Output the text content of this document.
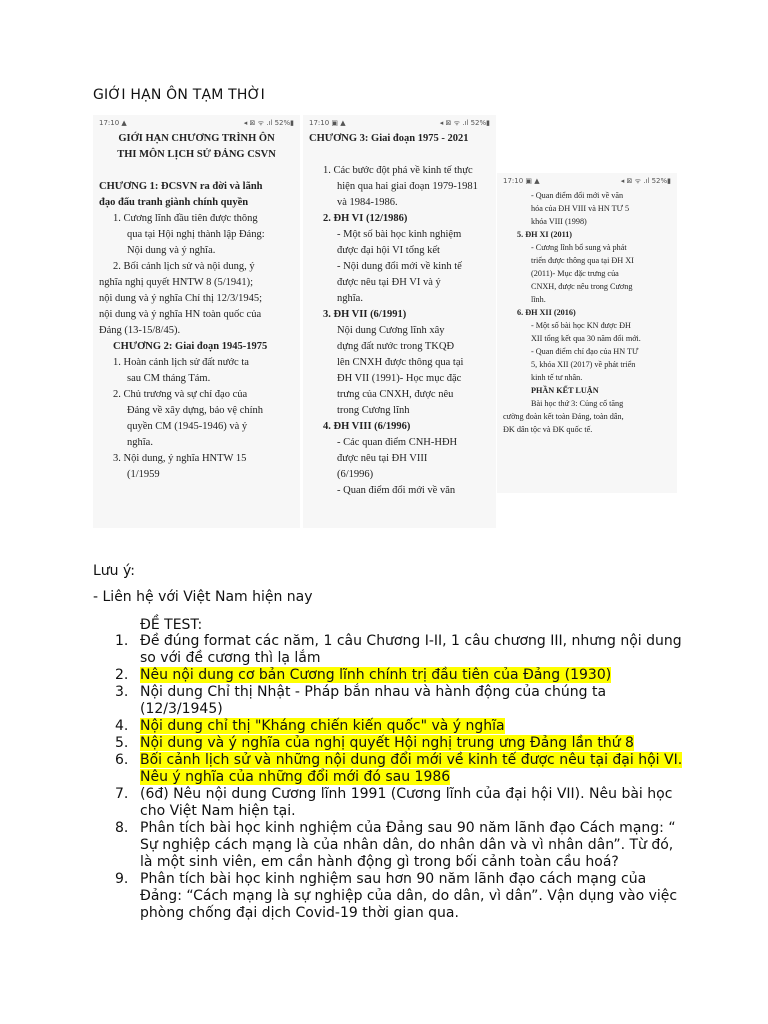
GIỚI HẠN ÔN TẠM THỜI
17:10 ▲	◂ ⊠ ᯤ .ıl 52%▮

GIỚI HẠN CHƯƠNG TRÌNH ÔN

THI MÔN LỊCH SỬ ĐẢNG CSVN

CHƯƠNG 1: ĐCSVN ra đời và lãnh

đạo đấu tranh giành chính quyền

1. Cương lĩnh đầu tiên được thông

qua tại Hội nghị thành lập Đảng:

Nội dung và ý nghĩa.

2. Bối cảnh lịch sử và nội dung, ý

nghĩa nghị quyết HNTW 8 (5/1941);

nội dung và ý nghĩa Chỉ thị 12/3/1945;

nội dung và ý nghĩa HN toàn quốc của

Đảng (13-15/8/45).

CHƯƠNG 2: Giai đoạn 1945-1975

1. Hoàn cảnh lịch sử đất nước ta

sau CM tháng Tám.

2. Chủ trương và sự chỉ đạo của

Đảng về xây dựng, bảo vệ chính

quyền CM (1945-1946) và ý

nghĩa.

3. Nội dung, ý nghĩa HNTW 15

(1/1959

17:10 ▣ ▲	◂ ⊠ ᯤ .ıl 52%▮

CHƯƠNG 3: Giai đoạn 1975 - 2021

1. Các bước đột phá về kinh tế thực

hiện qua hai giai đoạn 1979-1981

và 1984-1986.

2. ĐH VI (12/1986)

- Một số bài học kinh nghiệm

được đại hội VI tổng kết

- Nội dung đổi mới về kinh tế

được nêu tại ĐH VI và ý

nghĩa.

3. ĐH VII (6/1991)

Nội dung Cương lĩnh xây

dựng đất nước trong TKQĐ

lên CNXH được thông qua tại

ĐH VII (1991)- Học mục đặc

trưng của CNXH, được nêu

trong Cương lĩnh

4. ĐH VIII (6/1996)

- Các quan điểm CNH-HĐH

được nêu tại ĐH VIII

(6/1996)

- Quan điểm đổi mới về văn

17:10 ▣ ▲	◂ ⊠ ᯤ .ıl 52%▮

- Quan điểm đổi mới về văn

hóa của ĐH VIII và HN TƯ 5

khóa VIII (1998)

5. ĐH XI (2011)

- Cương lĩnh bổ sung và phát

triển được thông qua tại ĐH XI

(2011)- Mục đặc trưng của

CNXH, được nêu trong Cương

lĩnh.

6. ĐH XII (2016)

- Một số bài học KN được ĐH

XII tổng kết qua 30 năm đổi mới.

- Quan điểm chỉ đạo của HN TƯ

5, khóa XII (2017) về phát triển

kinh tế tư nhân.

PHẦN KẾT LUẬN

Bài học thứ 3: Củng cố tăng

cường đoàn kết toàn Đảng, toàn dân,

ĐK dân tộc và ĐK quốc tế.

Lưu ý:
- Liên hệ với Việt Nam hiện nay
ĐỀ TEST:
1. Đề đúng format các năm, 1 câu Chương I-II, 1 câu chương III, nhưng nội dung so với đề cương thì lạ lắm
2. Nêu nội dung cơ bản Cương lĩnh chính trị đầu tiên của Đảng (1930)
3. Nội dung Chỉ thị Nhật - Pháp bắn nhau và hành động của chúng ta (12/3/1945)
4. Nội dung chỉ thị "Kháng chiến kiến quốc" và ý nghĩa
5. Nội dung và ý nghĩa của nghị quyết Hội nghị trung ưng Đảng lần thứ 8
6. Bối cảnh lịch sử và những nội dung đổi mới về kinh tế được nêu tại đại hội VI. Nêu ý nghĩa của những đổi mới đó sau 1986
7. (6đ) Nêu nội dung Cương lĩnh 1991 (Cương lĩnh của đại hội VII). Nêu bài học cho Việt Nam hiện tại.
8. Phân tích bài học kinh nghiệm của Đảng sau 90 năm lãnh đạo Cách mạng: “ Sự nghiệp cách mạng là của nhân dân, do nhân dân và vì nhân dân”. Từ đó, là một sinh viên, em cần hành động gì trong bối cảnh toàn cầu hoá?
9. Phân tích bài học kinh nghiệm sau hơn 90 năm lãnh đạo cách mạng của Đảng: “Cách mạng là sự nghiệp của dân, do dân, vì dân”. Vận dụng vào việc phòng chống đại dịch Covid-19 thời gian qua.
